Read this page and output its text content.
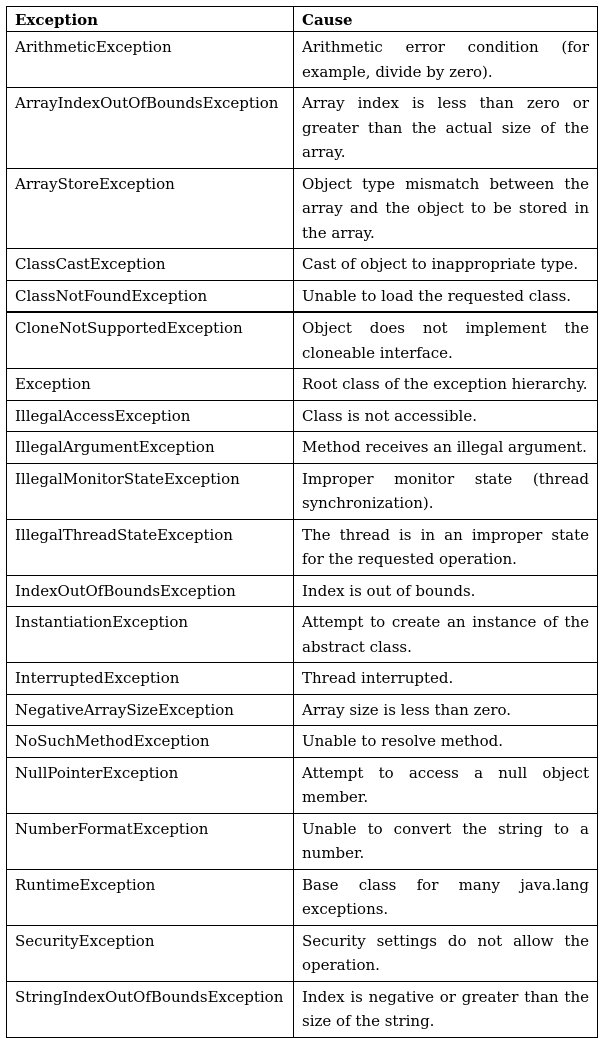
Exception	Cause
ArithmeticException	Arithmetic error condition (for example, divide by zero).
ArrayIndexOutOfBoundsException	Array index is less than zero or greater than the actual size of the array.
ArrayStoreException	Object type mismatch between the array and the object to be stored in the array.
ClassCastException	Cast of object to inappropriate type.
ClassNotFoundException	Unable to load the requested class.
CloneNotSupportedException	Object does not implement the cloneable interface.
Exception	Root class of the exception hierarchy.
IllegalAccessException	Class is not accessible.
IllegalArgumentException	Method receives an illegal argument.
IllegalMonitorStateException	Improper monitor state (thread synchronization).
IllegalThreadStateException	The thread is in an improper state for the requested operation.
IndexOutOfBoundsException	Index is out of bounds.
InstantiationException	Attempt to create an instance of the abstract class.
InterruptedException	Thread interrupted.
NegativeArraySizeException	Array size is less than zero.
NoSuchMethodException	Unable to resolve method.
NullPointerException	Attempt to access a null object member.
NumberFormatException	Unable to convert the string to a number.
RuntimeException	Base class for many java.lang exceptions.
SecurityException	Security settings do not allow the operation.
StringIndexOutOfBoundsException	Index is negative or greater than the size of the string.
